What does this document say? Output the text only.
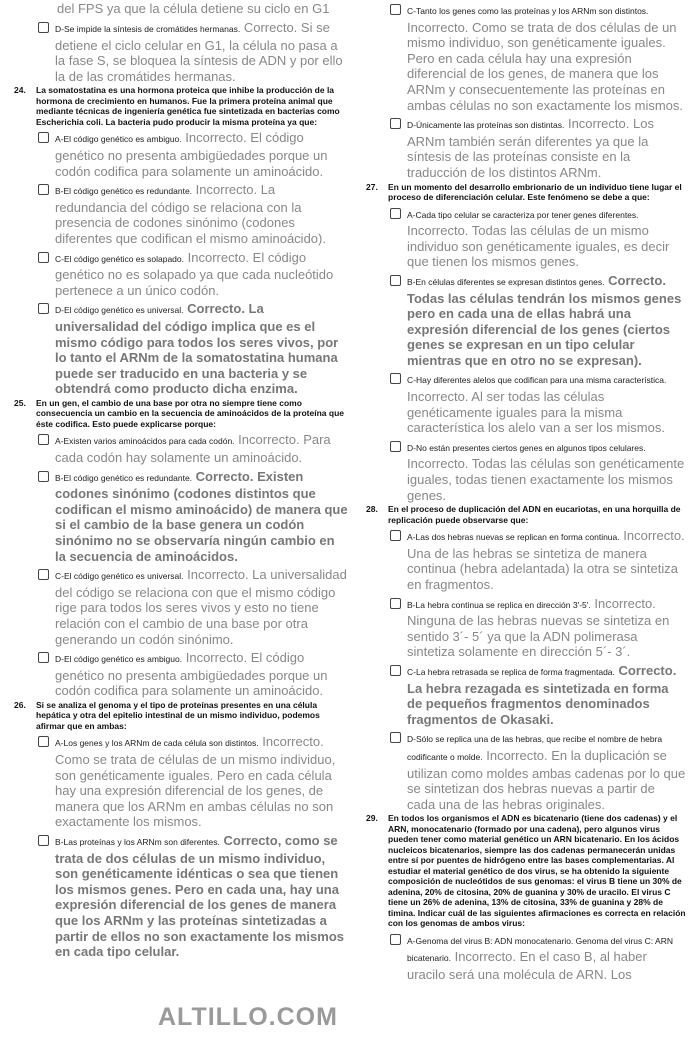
del FPS ya que la célula detiene su ciclo en G1
D-Se impide la síntesis de cromátides hermanas. Correcto. Si se detiene el ciclo celular en G1, la célula no pasa a la fase S, se bloquea la síntesis de ADN y por ello la de las cromátides hermanas.
24.	La somatostatina es una hormona proteica que inhibe la producción de la hormona de crecimiento en humanos. Fue la primera proteína animal que mediante técnicas de ingeniería genética fue sintetizada en bacterias como Escherichia coli. La bacteria pudo producir la misma proteína ya que:
A-El código genético es ambiguo. Incorrecto. El código genético no presenta ambigüedades porque un codón codifica para solamente un aminoácido.
B-El código genético es redundante. Incorrecto. La redundancia del código se relaciona con la presencia de codones sinónimo (codones diferentes que codifican el mismo aminoácido).
C-El código genético es solapado. Incorrecto. El código genético no es solapado ya que cada nucleótido pertenece a un único codón.
D-El código genético es universal. Correcto. La universalidad del código implica que es el mismo código para todos los seres vivos, por lo tanto el ARNm de la somatostatina humana puede ser traducido en una bacteria y se obtendrá como producto dicha enzima.
25.	En un gen, el cambio de una base por otra no siempre tiene como consecuencia un cambio en la secuencia de aminoácidos de la proteína que éste codifica. Esto puede explicarse porque:
A-Existen varios aminoácidos para cada codón. Incorrecto. Para cada codón hay solamente un aminoácido.
B-El código genético es redundante. Correcto. Existen codones sinónimo (codones distintos que codifican el mismo aminoácido) de manera que si el cambio de la base genera un codón sinónimo no se observaría ningún cambio en la secuencia de aminoácidos.
C-El código genético es universal. Incorrecto. La universalidad del código se relaciona con que el mismo código rige para todos los seres vivos y esto no tiene relación con el cambio de una base por otra generando un codón sinónimo.
D-El código genético es ambiguo. Incorrecto. El código genético no presenta ambigüedades porque un codón codifica para solamente un aminoácido.
26.	Si se analiza el genoma y el tipo de proteínas presentes en una célula hepática y otra del epitelio intestinal de un mismo individuo, podemos afirmar que en ambas:
A-Los genes y los ARNm de cada célula son distintos. Incorrecto. Como se trata de células de un mismo individuo, son genéticamente iguales. Pero en cada célula hay una expresión diferencial de los genes, de manera que los ARNm en ambas células no son exactamente los mismos.
B-Las proteínas y los ARNm son diferentes. Correcto, como se trata de dos células de un mismo individuo, son genéticamente idénticas o sea que tienen los mismos genes. Pero en cada una, hay una expresión diferencial de los genes de manera que los ARNm y las proteínas sintetizadas a partir de ellos no son exactamente los mismos en cada tipo celular.
C-Tanto los genes como las proteínas y los ARNm son distintos. Incorrecto. Como se trata de dos células de un mismo individuo, son genéticamente iguales. Pero en cada célula hay una expresión diferencial de los genes, de manera que los ARNm y consecuentemente las proteínas en ambas células no son exactamente los mismos.
D-Únicamente las proteínas son distintas. Incorrecto. Los ARNm también serán diferentes ya que la síntesis de las proteínas consiste en la traducción de los distintos ARNm.
27.	En un momento del desarrollo embrionario de un individuo tiene lugar el proceso de diferenciación celular. Este fenómeno se debe a que:
A-Cada tipo celular se caracteriza por tener genes diferentes. Incorrecto. Todas las células de un mismo individuo son genéticamente iguales, es decir que tienen los mismos genes.
B-En células diferentes se expresan distintos genes. Correcto. Todas las células tendrán los mismos genes pero en cada una de ellas habrá una expresión diferencial de los genes (ciertos genes se expresan en un tipo celular mientras que en otro no se expresan).
C-Hay diferentes alelos que codifican para una misma característica. Incorrecto. Al ser todas las células genéticamente iguales para la misma característica los alelo van a ser los mismos.
D-No están presentes ciertos genes en algunos tipos celulares. Incorrecto. Todas las células son genéticamente iguales, todas tienen exactamente los mismos genes.
28.	En el proceso de duplicación del ADN en eucariotas, en una horquilla de replicación puede observarse que:
A-Las dos hebras nuevas se replican en forma continua. Incorrecto. Una de las hebras se sintetiza de manera continua (hebra adelantada) la otra se sintetiza en fragmentos.
B-La hebra continua se replica en dirección 3'-5'. Incorrecto. Ninguna de las hebras nuevas se sintetiza en sentido 3´- 5´ ya que la ADN polimerasa sintetiza solamente en dirección 5´- 3´.
C-La hebra retrasada se replica de forma fragmentada. Correcto. La hebra rezagada es sintetizada en forma de pequeños fragmentos denominados fragmentos de Okasaki.
D-Sólo se replica una de las hebras, que recibe el nombre de hebra codificante o molde. Incorrecto. En la duplicación se utilizan como moldes ambas cadenas por lo que se sintetizan dos hebras nuevas a partir de cada una de las hebras originales.
29.	En todos los organismos el ADN es bicatenario (tiene dos cadenas) y el ARN, monocatenario (formado por una cadena), pero algunos virus pueden tener como material genético un ARN bicatenario. En los ácidos nucleicos bicatenarios, siempre las dos cadenas permanecerán unidas entre sí por puentes de hidrógeno entre las bases complementarias. Al estudiar el material genético de dos virus, se ha obtenido la siguiente composición de nucleótidos de sus genomas: el virus B tiene un 30% de adenina, 20% de citosina, 20% de guanina y 30% de uracilo. El virus C tiene un 26% de adenina, 13% de citosina, 33% de guanina y 28% de timina. Indicar cuál de las siguientes afirmaciones es correcta en relación con los genomas de ambos virus:
A-Genoma del virus B: ADN monocatenario. Genoma del virus C: ARN bicatenario. Incorrecto. En el caso B, al haber uracilo será una molécula de ARN. Los
ALTILLO.COM
